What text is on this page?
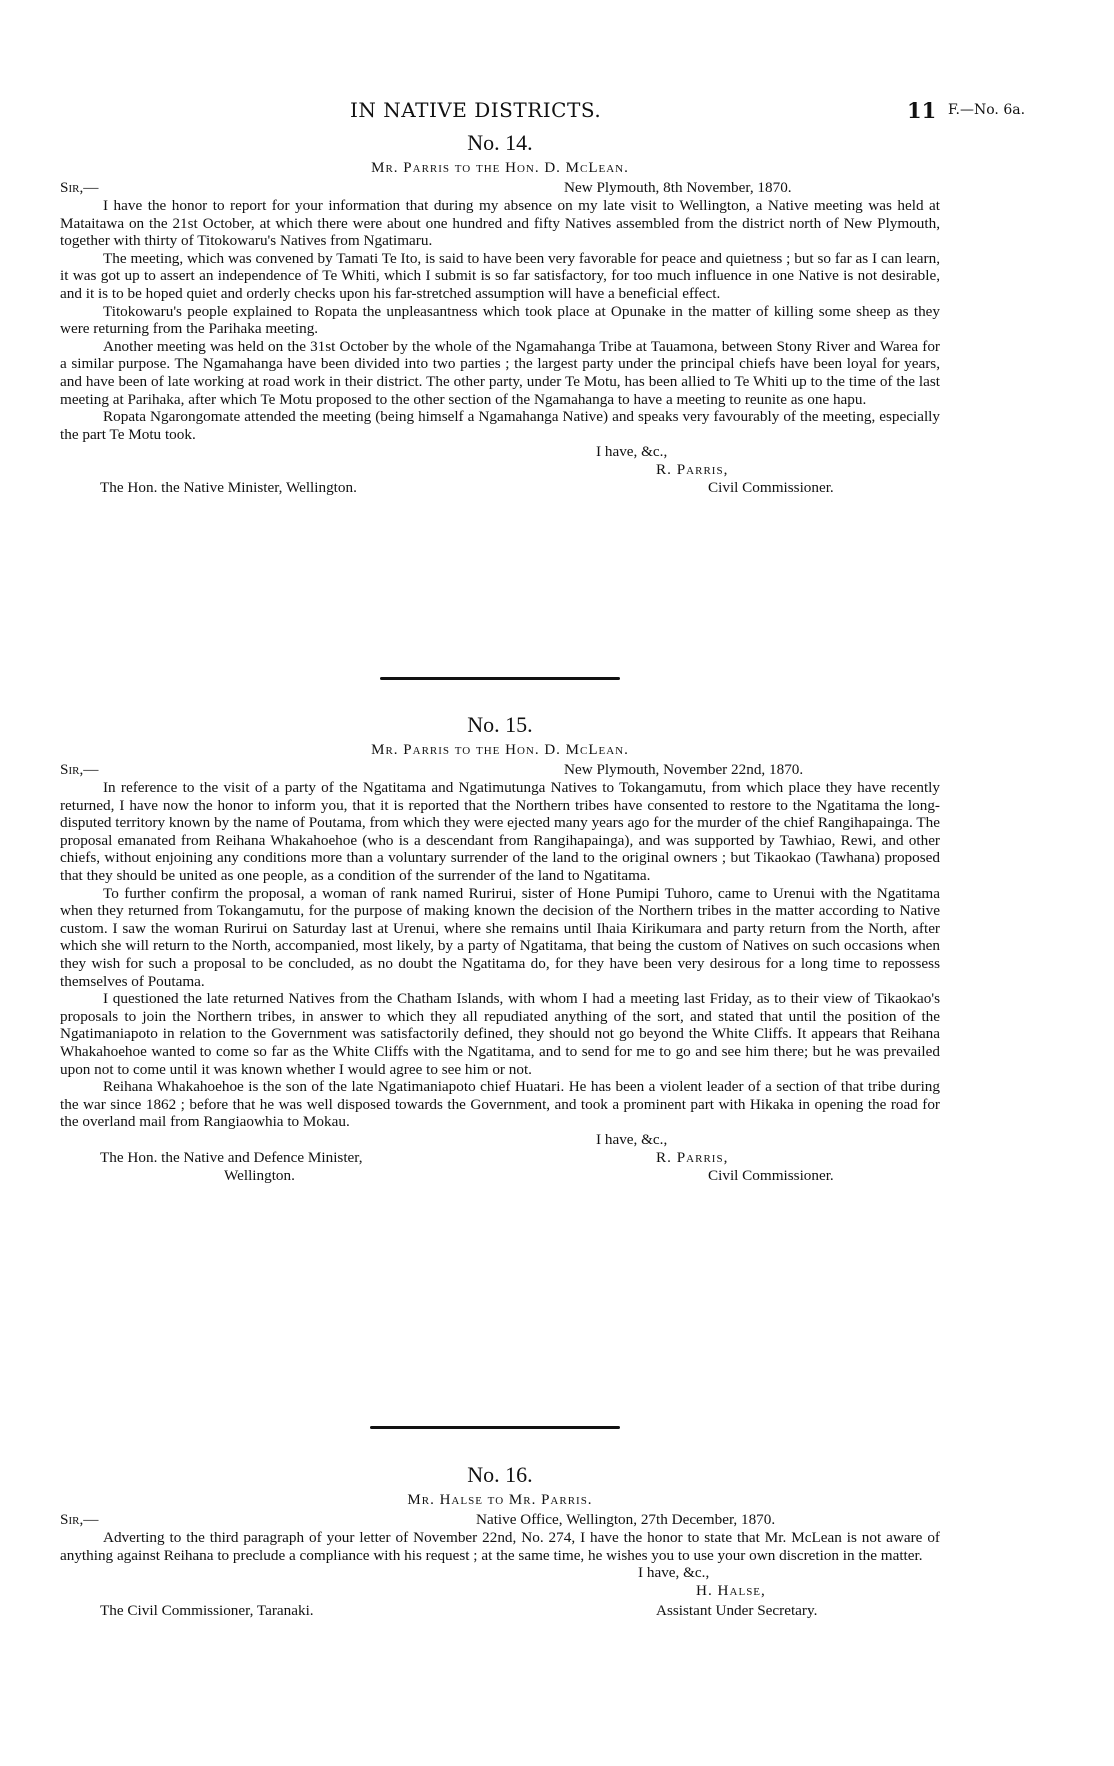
IN NATIVE DISTRICTS.	11 F.—No. 6a.
No. 14.
Mr. Parris to the Hon. D. McLean.
Sir,—	New Plymouth, 8th November, 1870.

I have the honor to report for your information that during my absence on my late visit to Wellington, a Native meeting was held at Mataitawa on the 21st October, at which there were about one hundred and fifty Natives assembled from the district north of New Plymouth, together with thirty of Titokowaru's Natives from Ngatimaru.

The meeting, which was convened by Tamati Te Ito, is said to have been very favorable for peace and quietness ; but so far as I can learn, it was got up to assert an independence of Te Whiti, which I submit is so far satisfactory, for too much influence in one Native is not desirable, and it is to be hoped quiet and orderly checks upon his far-stretched assumption will have a beneficial effect.

Titokowaru's people explained to Ropata the unpleasantness which took place at Opunake in the matter of killing some sheep as they were returning from the Parihaka meeting.

Another meeting was held on the 31st October by the whole of the Ngamahanga Tribe at Tauamona, between Stony River and Warea for a similar purpose. The Ngamahanga have been divided into two parties ; the largest party under the principal chiefs have been loyal for years, and have been of late working at road work in their district. The other party, under Te Motu, has been allied to Te Whiti up to the time of the last meeting at Parihaka, after which Te Motu proposed to the other section of the Ngamahanga to have a meeting to reunite as one hapu.

Ropata Ngarongomate attended the meeting (being himself a Ngamahanga Native) and speaks very favourably of the meeting, especially the part Te Motu took.

I have, &c.,
R. Parris,
The Hon. the Native Minister, Wellington.	Civil Commissioner.
No. 15.
Mr. Parris to the Hon. D. McLean.
Sir,—	New Plymouth, November 22nd, 1870.

In reference to the visit of a party of the Ngatitama and Ngatimutunga Natives to Tokangamutu, from which place they have recently returned, I have now the honor to inform you, that it is reported that the Northern tribes have consented to restore to the Ngatitama the long-disputed territory known by the name of Poutama, from which they were ejected many years ago for the murder of the chief Rangihapainga. The proposal emanated from Reihana Whakahoehoe (who is a descendant from Rangihapainga), and was supported by Tawhiao, Rewi, and other chiefs, without enjoining any conditions more than a voluntary surrender of the land to the original owners ; but Tikaokao (Tawhana) proposed that they should be united as one people, as a condition of the surrender of the land to Ngatitama.

To further confirm the proposal, a woman of rank named Rurirui, sister of Hone Pumipi Tuhoro, came to Urenui with the Ngatitama when they returned from Tokangamutu, for the purpose of making known the decision of the Northern tribes in the matter according to Native custom. I saw the woman Rurirui on Saturday last at Urenui, where she remains until Ihaia Kirikumara and party return from the North, after which she will return to the North, accompanied, most likely, by a party of Ngatitama, that being the custom of Natives on such occasions when they wish for such a proposal to be concluded, as no doubt the Ngatitama do, for they have been very desirous for a long time to repossess themselves of Poutama.

I questioned the late returned Natives from the Chatham Islands, with whom I had a meeting last Friday, as to their view of Tikaokao's proposals to join the Northern tribes, in answer to which they all repudiated anything of the sort, and stated that until the position of the Ngatimaniapoto in relation to the Government was satisfactorily defined, they should not go beyond the White Cliffs. It appears that Reihana Whakahoehoe wanted to come so far as the White Cliffs with the Ngatitama, and to send for me to go and see him there; but he was prevailed upon not to come until it was known whether I would agree to see him or not.

Reihana Whakahoehoe is the son of the late Ngatimaniapoto chief Huatari. He has been a violent leader of a section of that tribe during the war since 1862 ; before that he was well disposed towards the Government, and took a prominent part with Hikaka in opening the road for the overland mail from Rangiaowhia to Mokau.

I have, &c.,
The Hon. the Native and Defence Minister,	R. Parris,
Wellington.	Civil Commissioner.
No. 16.
Mr. Halse to Mr. Parris.
Sir,—	Native Office, Wellington, 27th December, 1870.

Adverting to the third paragraph of your letter of November 22nd, No. 274, I have the honor to state that Mr. McLean is not aware of anything against Reihana to preclude a compliance with his request ; at the same time, he wishes you to use your own discretion in the matter.

I have, &c.,
H. Halse,
The Civil Commissioner, Taranaki.	Assistant Under Secretary.
